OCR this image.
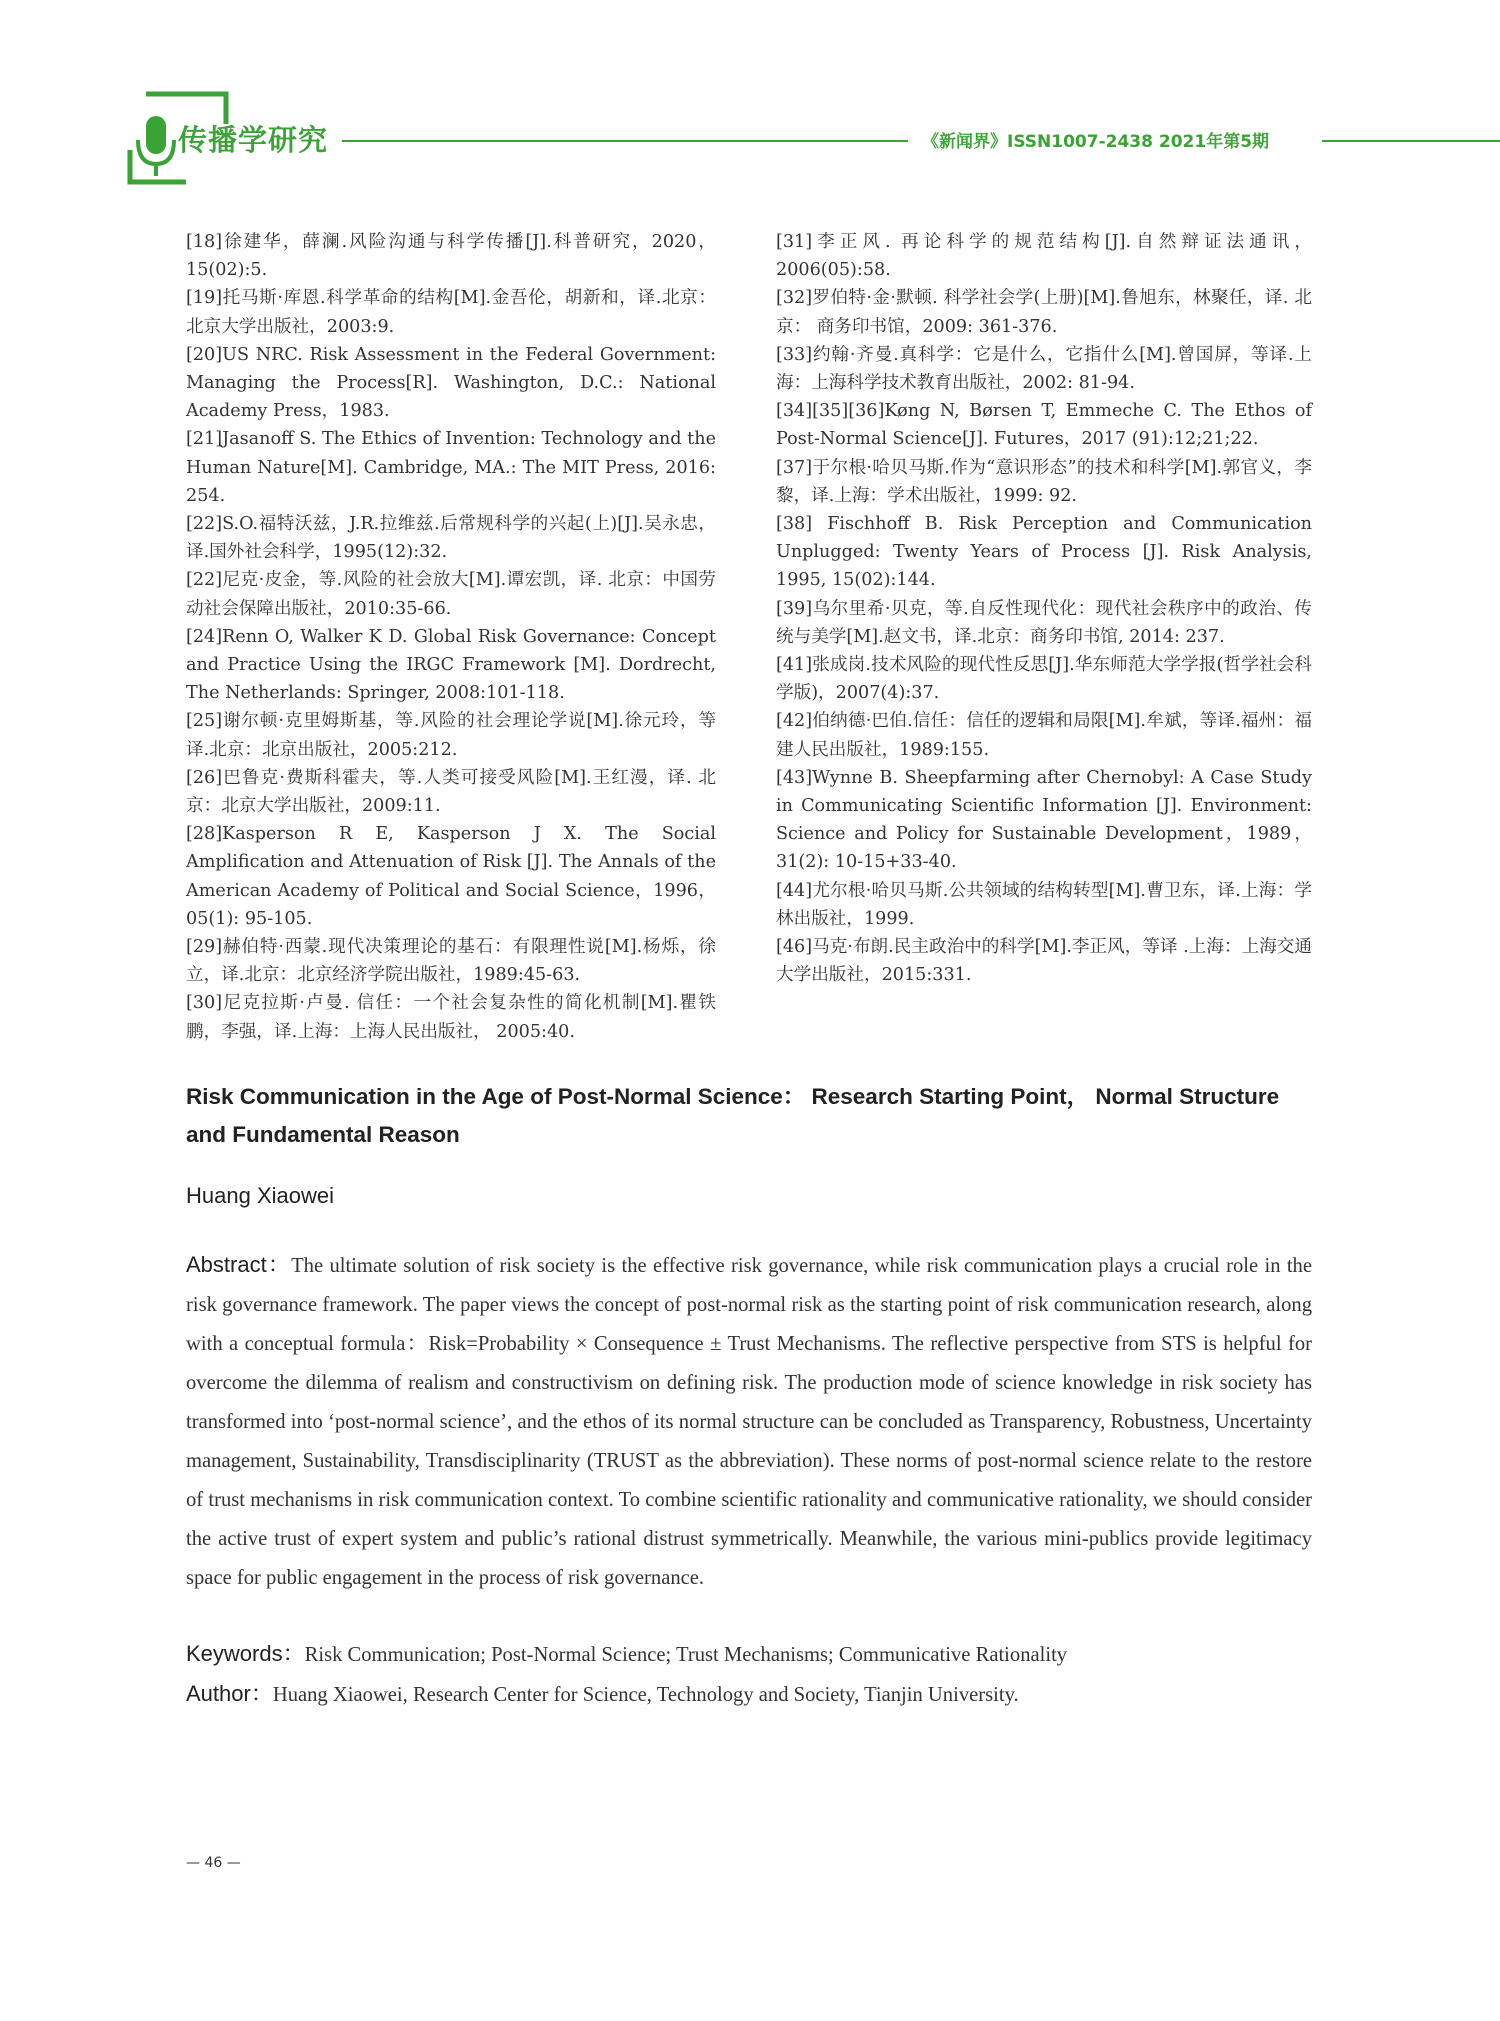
传播学研究	《新闻界》ISSN1007-2438 2021年第5期

[18]徐建华，薛澜.风险沟通与科学传播[J].科普研究，2020，15(02):5.

[19]托马斯·库恩.科学革命的结构[M].金吾伦，胡新和，译.北京：北京大学出版社，2003:9.

[20]US NRC. Risk Assessment in the Federal Government: Managing the Process[R]. Washington, D.C.: National Academy Press，1983.

[21]Jasanoff S. The Ethics of Invention: Technology and the Human Nature[M]. Cambridge, MA.: The MIT Press, 2016: 254.

[22]S.O.福特沃兹，J.R.拉维兹.后常规科学的兴起(上)[J].吴永忠，译.国外社会科学，1995(12):32.

[22]尼克·皮金，等.风险的社会放大[M].谭宏凯，译. 北京：中国劳动社会保障出版社，2010:35-66.

[24]Renn O, Walker K D. Global Risk Governance: Concept and Practice Using the IRGC Framework [M]. Dordrecht, The Netherlands: Springer, 2008:101-118.

[25]谢尔顿·克里姆斯基，等.风险的社会理论学说[M].徐元玲，等译.北京：北京出版社，2005:212.

[26]巴鲁克·费斯科霍夫，等.人类可接受风险[M].王红漫，译. 北京：北京大学出版社，2009:11.

[28]Kasperson R E, Kasperson J X. The Social Amplification and Attenuation of Risk [J]. The Annals of the American Academy of Political and Social Science，1996，05(1): 95-105.

[29]赫伯特·西蒙.现代决策理论的基石：有限理性说[M].杨烁，徐立，译.北京：北京经济学院出版社，1989:45-63.

[30]尼克拉斯·卢曼. 信任：一个社会复杂性的简化机制[M].瞿铁鹏，李强，译.上海：上海人民出版社， 2005:40.

[31]李正风. 再论科学的规范结构[J].自然辩证法通讯，2006(05):58.

[32]罗伯特·金·默顿. 科学社会学(上册)[M].鲁旭东，林聚任，译. 北京： 商务印书馆，2009: 361-376.

[33]约翰·齐曼.真科学：它是什么，它指什么[M].曾国屏，等译.上海：上海科学技术教育出版社，2002: 81-94.

[34][35][36]Køng N, Børsen T, Emmeche C. The Ethos of Post-Normal Science[J]. Futures，2017 (91):12;21;22.

[37]于尔根·哈贝马斯.作为“意识形态”的技术和科学[M].郭官义，李黎，译.上海：学术出版社，1999: 92.

[38] Fischhoff B. Risk Perception and Communication Unplugged: Twenty Years of Process [J]. Risk Analysis, 1995, 15(02):144.

[39]乌尔里希·贝克，等.自反性现代化：现代社会秩序中的政治、传统与美学[M].赵文书，译.北京：商务印书馆, 2014: 237.

[41]张成岗.技术风险的现代性反思[J].华东师范大学学报(哲学社会科学版)，2007(4):37.

[42]伯纳德·巴伯.信任：信任的逻辑和局限[M].牟斌，等译.福州：福建人民出版社，1989:155.

[43]Wynne B. Sheepfarming after Chernobyl: A Case Study in Communicating Scientific Information [J]. Environment: Science and Policy for Sustainable Development，1989，31(2): 10-15+33-40.

[44]尤尔根·哈贝马斯.公共领域的结构转型[M].曹卫东，译.上海：学林出版社，1999.

[46]马克·布朗.民主政治中的科学[M].李正风，等译 .上海：上海交通大学出版社，2015:331.

Risk Communication in the Age of Post-Normal Science： Research Starting Point， Normal Structure and Fundamental Reason
Huang Xiaowei

Abstract：The ultimate solution of risk society is the effective risk governance, while risk communication plays a crucial role in the risk governance framework. The paper views the concept of post-normal risk as the starting point of risk communication research, along with a conceptual formula：Risk=Probability × Consequence ± Trust Mechanisms. The reflective perspective from STS is helpful for overcome the dilemma of realism and constructivism on defining risk. The production mode of science knowledge in risk society has transformed into ‘post-normal science’, and the ethos of its normal structure can be concluded as Transparency, Robustness, Uncertainty management, Sustainability, Transdisciplinarity (TRUST as the abbreviation). These norms of post-normal science relate to the restore of trust mechanisms in risk communication context. To combine scientific rationality and communicative rationality, we should consider the active trust of expert system and public’s rational distrust symmetrically. Meanwhile, the various mini-publics provide legitimacy space for public engagement in the process of risk governance.

Keywords：Risk Communication; Post-Normal Science; Trust Mechanisms; Communicative Rationality
Author：Huang Xiaowei, Research Center for Science, Technology and Society, Tianjin University.
— 46 —
